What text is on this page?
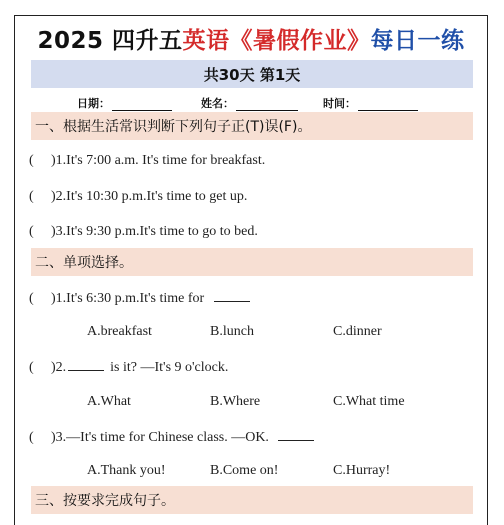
2025 四升五 英语《暑假作业》 每日一练
共30天 第1天
日期：	姓名：	时间：
一、根据生活常识判断下列句子正(T)误(F)。
( )1.It's 7:00 a.m. It's time for breakfast.
( )2.It's 10:30 p.m.It's time to get up.
( )3.It's 9:30 p.m.It's time to go to bed.
二、单项选择。
( )1.It's 6:30 p.m.It's time for
A.breakfast	B.lunch	C.dinner
( )2.	is it? —It's 9 o'clock.
A.What	B.Where	C.What time
( )3.—It's time for Chinese class. —OK.
A.Thank you!	B.Come on!	C.Hurray!
三、按要求完成句子。
